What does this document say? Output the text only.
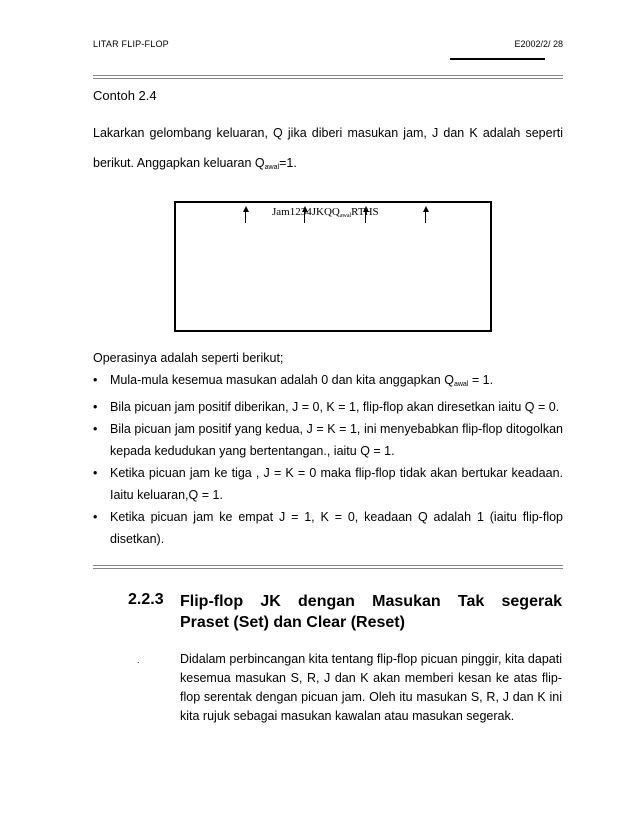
LITAR FLIP-FLOP	E2002/2/ 28
Contoh 2.4
Lakarkan gelombang keluaran, Q jika diberi masukan jam, J dan K adalah seperti
berikut. Anggapkan keluaran $Q_{awal}=1$.
$Jam1234JKQQ_{awal}RTHS$
Operasinya adalah seperti berikut;
• Mula-mula kesemua masukan adalah 0 dan kita anggapkan $Q_{awal} = 1$.
• Bila picuan jam positif diberikan, J = 0, K = 1, flip-flop akan diresetkan iaitu Q = 0.
• Bila picuan jam positif yang kedua, J = K = 1, ini menyebabkan flip-flop ditogolkan kepada kedudukan yang bertentangan., iaitu Q = 1.
• Ketika picuan jam ke tiga , J = K = 0 maka flip-flop tidak akan bertukar keadaan. Iaitu keluaran,Q = 1.
• Ketika picuan jam ke empat J = 1, K = 0, keadaan Q adalah 1 (iaitu flip-flop disetkan).
2.2.3 Flip-flop JK dengan Masukan Tak segerak
Praset (Set) dan Clear (Reset)
.	Didalam perbincangan kita tentang flip-flop picuan pinggir, kita dapati kesemua masukan S, R, J dan K akan memberi kesan ke atas flip-flop serentak dengan picuan jam. Oleh itu masukan S, R, J dan K ini kita rujuk sebagai masukan kawalan atau masukan segerak.
